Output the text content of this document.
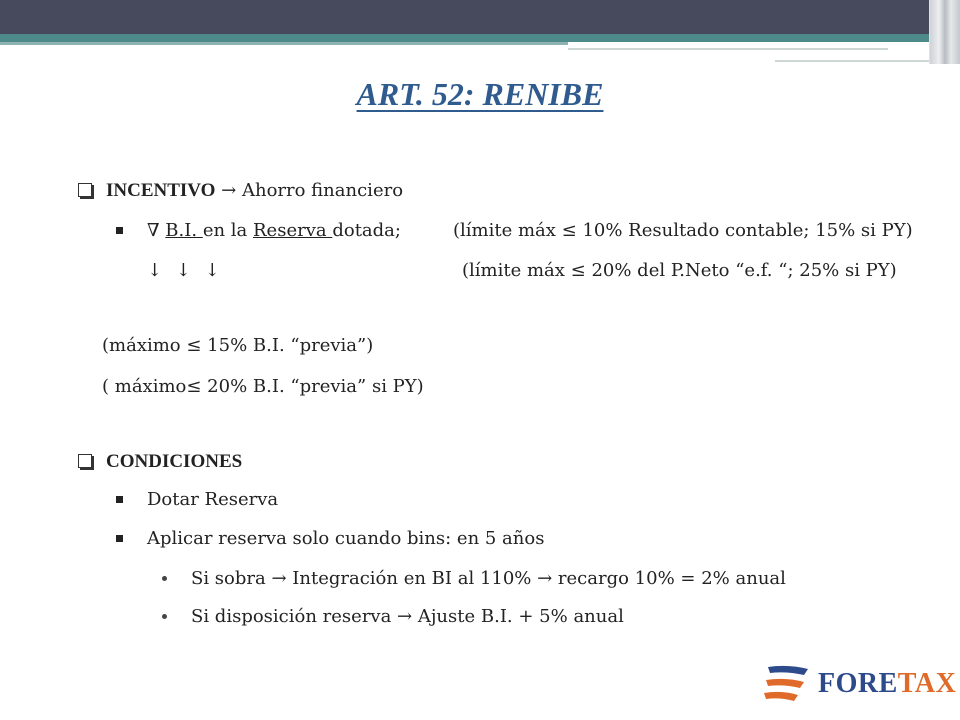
ART. 52: RENIBE
INCENTIVO → Ahorro financiero
∇ B.I. en la Reserva dotada;	(límite máx ≤ 10% Resultado contable; 15% si PY)
↓ ↓ ↓	(límite máx ≤ 20% del P.Neto “e.f. “; 25% si PY)
(máximo ≤ 15% B.I. “previa”)
( máximo≤ 20% B.I. “previa” si PY)
CONDICIONES
Dotar Reserva
Aplicar reserva solo cuando bins: en 5 años
Si sobra → Integración en BI al 110% → recargo 10% = 2% anual
Si disposición reserva → Ajuste B.I. + 5% anual
FORETAX
